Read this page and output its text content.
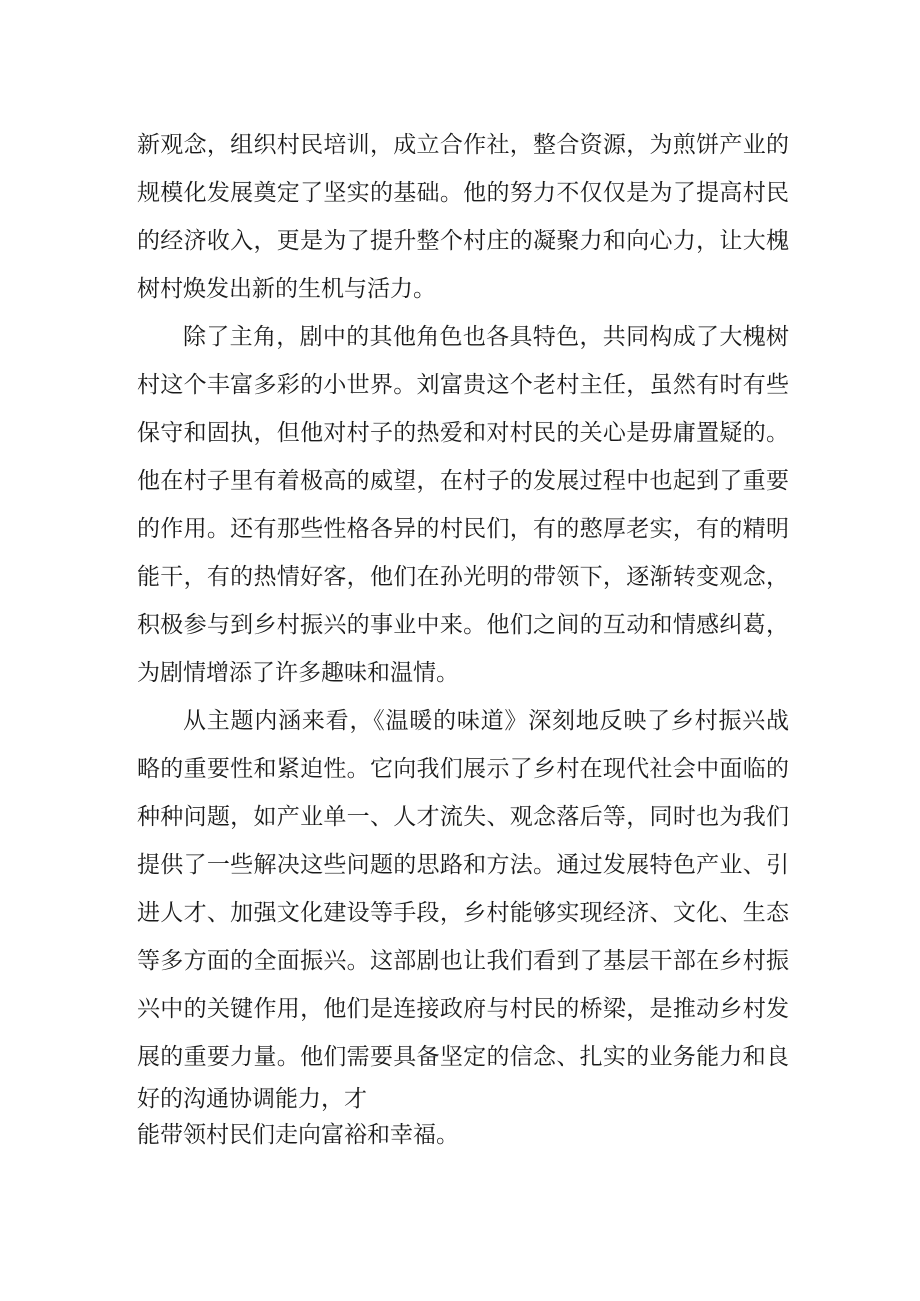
新观念，组织村民培训，成立合作社，整合资源，为煎饼产业的
规模化发展奠定了坚实的基础。他的努力不仅仅是为了提高村民
的经济收入，更是为了提升整个村庄的凝聚力和向心力，让大槐
树村焕发出新的生机与活力。
除了主角，剧中的其他角色也各具特色，共同构成了大槐树
村这个丰富多彩的小世界。刘富贵这个老村主任，虽然有时有些
保守和固执，但他对村子的热爱和对村民的关心是毋庸置疑的。
他在村子里有着极高的威望，在村子的发展过程中也起到了重要
的作用。还有那些性格各异的村民们，有的憨厚老实，有的精明
能干，有的热情好客，他们在孙光明的带领下，逐渐转变观念，
积极参与到乡村振兴的事业中来。他们之间的互动和情感纠葛，
为剧情增添了许多趣味和温情。
从主题内涵来看，《温暖的味道》深刻地反映了乡村振兴战
略的重要性和紧迫性。它向我们展示了乡村在现代社会中面临的
种种问题，如产业单一、人才流失、观念落后等，同时也为我们
提供了一些解决这些问题的思路和方法。通过发展特色产业、引
进人才、加强文化建设等手段，乡村能够实现经济、文化、生态
等多方面的全面振兴。这部剧也让我们看到了基层干部在乡村振
兴中的关键作用，他们是连接政府与村民的桥梁，是推动乡村发
展的重要力量。他们需要具备坚定的信念、扎实的业务能力和良
好的沟通协调能力，才
能带领村民们走向富裕和幸福。
